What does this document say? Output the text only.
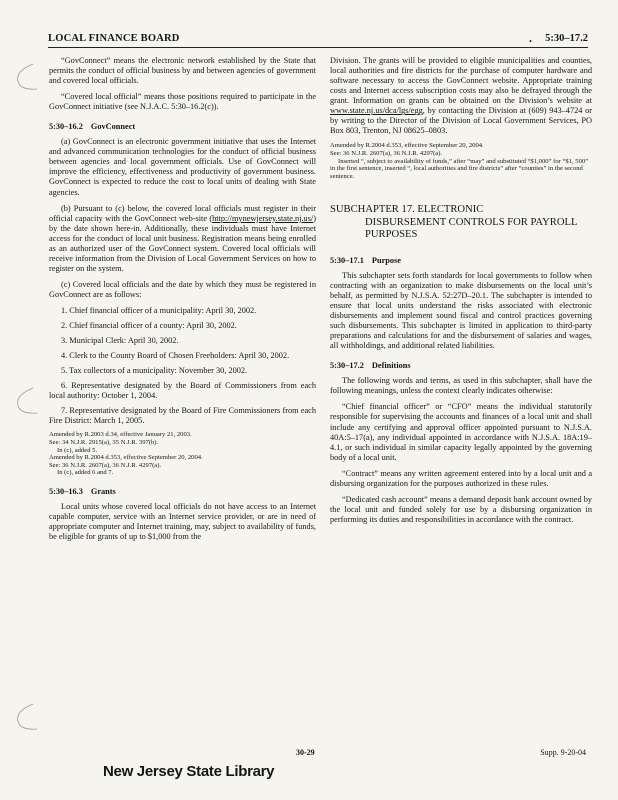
LOCAL FINANCE BOARD	. 5:30–17.2

“GovConnect” means the electronic network established by the State that permits the conduct of official business by and between agencies of government and covered local officials.

“Covered local official” means those positions required to participate in the GovConnect initiative (see N.J.A.C. 5:30–16.2(c)).

5:30–16.2 GovConnect

(a) GovConnect is an electronic government initiative that uses the Internet and advanced communication technologies for the conduct of official business between agencies and local government officials. Use of GovConnect will improve the efficiency, effectiveness and productivity of government business. GovConnect is expected to reduce the cost to local units of dealing with State agencies.

(b) Pursuant to (c) below, the covered local officials must register in their official capacity with the GovConnect web-site (http://mynewjersey.state.nj.us/) by the date shown here-in. Additionally, these individuals must have Internet access for the conduct of local unit business. Registration means being enrolled as an authorized user of the GovConnect system. Covered local officials will receive information from the Division of Local Government Services on how to register on the system.

(c) Covered local officials and the date by which they must be registered in GovConnect are as follows:

1. Chief financial officer of a municipality: April 30, 2002.

2. Chief financial officer of a county: April 30, 2002.

3. Municipal Clerk: April 30, 2002.

4. Clerk to the County Board of Chosen Freeholders: April 30, 2002.

5. Tax collectors of a municipality: November 30, 2002.

6. Representative designated by the Board of Commissioners from each local authority: October 1, 2004.

7. Representative designated by the Board of Fire Commissioners from each Fire District: March 1, 2005.

Amended by R.2003 d.34, effective January 21, 2003.

See: 34 N.J.R. 2915(a), 35 N.J.R. 397(b).

In (c), added 5.

Amended by R.2004 d.353, effective September 20, 2004.

See: 36 N.J.R. 2607(a), 36 N.J.R. 4297(a).

In (c), added 6 and 7.

5:30–16.3 Grants

Local units whose covered local officials do not have access to an Internet capable computer, service with an Internet service provider, or are in need of appropriate computer and Internet training, may, subject to availability of funds, be eligible for grants of up to $1,000 from the

Division. The grants will be provided to eligible municipalities and counties, local authorities and fire districts for the purchase of computer hardware and software necessary to access the GovConnect website. Appropriate training costs and Internet access subscription costs may also be defrayed through the grant. Information on grants can be obtained on the Division’s website at www.state.nj.us/dca/lgs/egg, by contacting the Division at (609) 943–4724 or by writing to the Director of the Division of Local Government Services, PO Box 803, Trenton, NJ 08625–0803.

Amended by R.2004 d.353, effective September 20, 2004.

See: 36 N.J.R. 2607(a), 36 N.J.R. 4297(a).

Inserted “, subject to availability of funds,” after “may” and substituted “$1,000” for “$1, 500” in the first sentence, inserted “, local authorities and fire districts” after “counties” in the second sentence.

SUBCHAPTER 17. ELECTRONIC
DISBURSEMENT CONTROLS FOR PAYROLL PURPOSES
5:30–17.1 Purpose

This subchapter sets forth standards for local governments to follow when contracting with an organization to make disbursements on the local unit’s behalf, as permitted by N.J.S.A. 52:27D–20.1. The subchapter is intended to ensure that local units understand the risks associated with electronic disbursements and implement sound fiscal and control practices governing such disbursements. This subchapter is limited in application to third-party preparations and calculations for and the disbursement of salaries and wages, all withholdings, and additional related liabilities.

5:30–17.2 Definitions

The following words and terms, as used in this subchapter, shall have the following meanings, unless the context clearly indicates otherwise:

“Chief financial officer” or “CFO” means the individual statutorily responsible for supervising the accounts and finances of a local unit and shall include any certifying and approval officer appointed pursuant to N.J.S.A. 40A:5–17(a), any individual appointed in accordance with N.J.S.A. 18A:19–4.1, or such individual in similar capacity legally appointed by the governing body of a local unit.

“Contract” means any written agreement entered into by a local unit and a disbursing organization for the purposes authorized in these rules.

“Dedicated cash account” means a demand deposit bank account owned by the local unit and funded solely for use by a disbursing organization in performing its duties and responsibilities in accordance with the contract.

30-29	Supp. 9-20-04
New Jersey State Library
